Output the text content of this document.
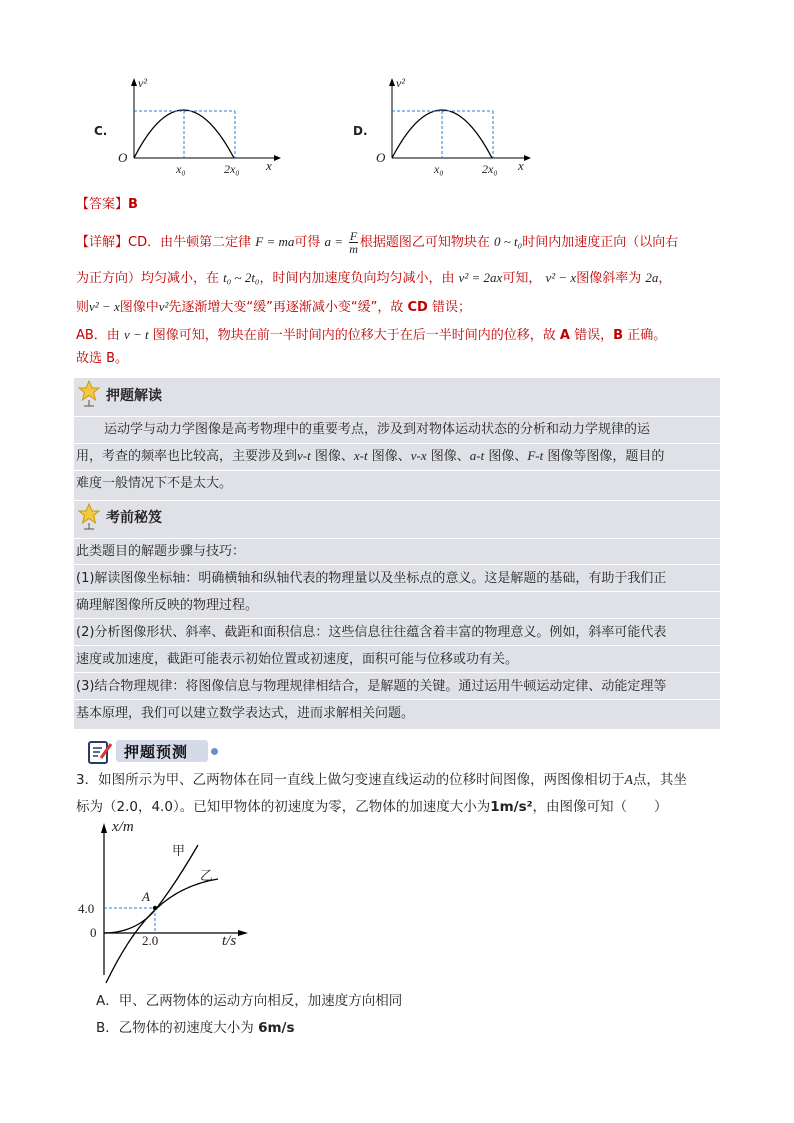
C.
O
v²
x
x₀	2x₀
D.
O
v²
x
x₀	2x₀
【答案】B
【详解】CD．由牛顿第二定律 F = ma可得 $a = \frac{F}{m}$ 根据题图乙可知物块在 0 ~ t₀时间内加速度正向（以向右
为正方向）均匀减小，在 t₀ ~ 2t₀，时间内加速度负向均匀减小，由 v² = 2ax可知， v² − x图像斜率为 2a，
则v² − x图像中v²先逐渐增大变“缓”再逐渐减小变“缓”，故 CD 错误；
AB．由 v − t 图像可知，物块在前一半时间内的位移大于在后一半时间内的位移，故 A 错误，B 正确。
故选 B。
押题解读
运动学与动力学图像是高考物理中的重要考点，涉及到对物体运动状态的分析和动力学规律的运
用，考查的频率也比较高，主要涉及到v-t 图像、x-t 图像、v-x 图像、a-t 图像、F-t 图像等图像，题目的
难度一般情况下不是太大。
考前秘笈
此类题目的解题步骤与技巧：
(1)解读图像坐标轴：明确横轴和纵轴代表的物理量以及坐标点的意义。这是解题的基础，有助于我们正
确理解图像所反映的物理过程。
(2)分析图像形状、斜率、截距和面积信息：这些信息往往蕴含着丰富的物理意义。例如，斜率可能代表
速度或加速度，截距可能表示初始位置或初速度，面积可能与位移或功有关。
(3)结合物理规律：将图像信息与物理规律相结合，是解题的关键。通过运用牛顿运动定律、动能定理等
基本原理，我们可以建立数学表达式，进而求解相关问题。
押题预测
3．如图所示为甲、乙两物体在同一直线上做匀变速直线运动的位移时间图像，两图像相切于A点，其坐
标为（2.0，4.0）。已知甲物体的初速度为零，乙物体的加速度大小为1m/s²，由图像可知（　　）
x/m
甲
乙
A
4.0
0
2.0	t/s
A．甲、乙两物体的运动方向相反，加速度方向相同
B．乙物体的初速度大小为 6m/s
